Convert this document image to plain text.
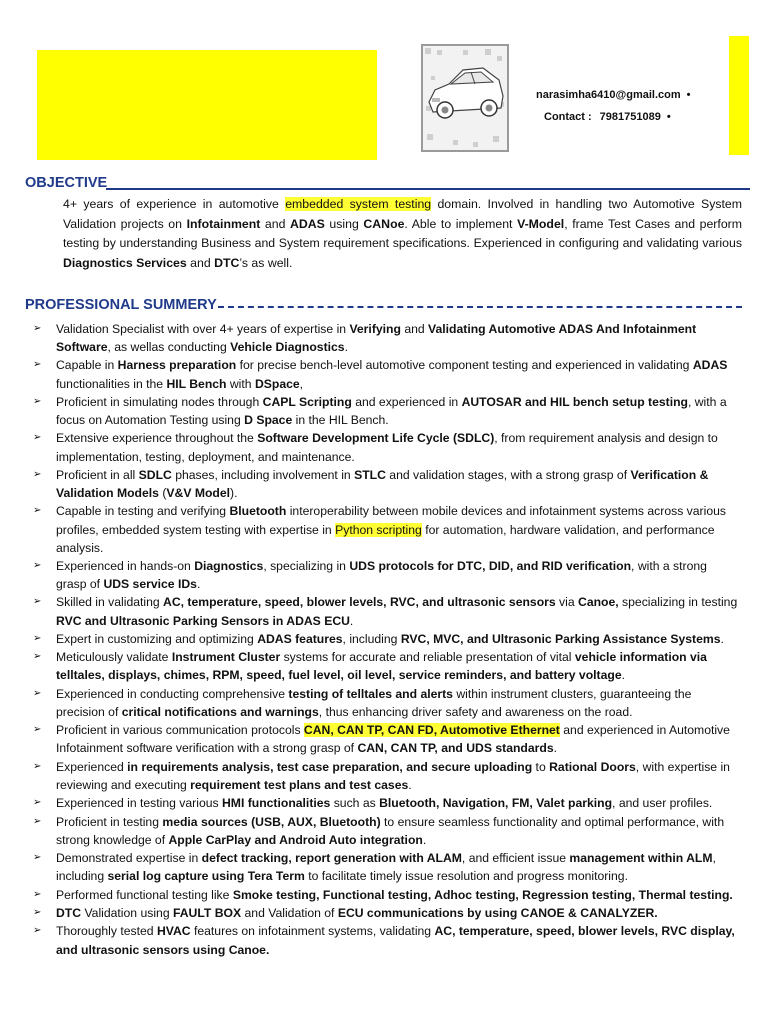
narasimha6410@gmail.com •
Contact : 7981751089 •
OBJECTIVE

4+ years of experience in automotive embedded system testing domain. Involved in handling two Automotive System Validation projects on Infotainment and ADAS using CANoe. Able to implement V-Model, frame Test Cases and perform testing by understanding Business and System requirement specifications. Experienced in configuring and validating various Diagnostics Services and DTC’s as well.

PROFESSIONAL SUMMERY
➢ Validation Specialist with over 4+ years of expertise in Verifying and Validating Automotive ADAS And Infotainment Software, as wellas conducting Vehicle Diagnostics.
➢ Capable in Harness preparation for precise bench-level automotive component testing and experienced in validating ADAS functionalities in the HIL Bench with DSpace,
➢ Proficient in simulating nodes through CAPL Scripting and experienced in AUTOSAR and HIL bench setup testing, with a focus on Automation Testing using D Space in the HIL Bench.
➢ Extensive experience throughout the Software Development Life Cycle (SDLC), from requirement analysis and design to implementation, testing, deployment, and maintenance.
➢ Proficient in all SDLC phases, including involvement in STLC and validation stages, with a strong grasp of Verification & Validation Models (V&V Model).
➢ Capable in testing and verifying Bluetooth interoperability between mobile devices and infotainment systems across various profiles, embedded system testing with expertise in Python scripting for automation, hardware validation, and performance analysis.
➢ Experienced in hands-on Diagnostics, specializing in UDS protocols for DTC, DID, and RID verification, with a strong grasp of UDS service IDs.
➢ Skilled in validating AC, temperature, speed, blower levels, RVC, and ultrasonic sensors via Canoe, specializing in testing RVC and Ultrasonic Parking Sensors in ADAS ECU.
➢ Expert in customizing and optimizing ADAS features, including RVC, MVC, and Ultrasonic Parking Assistance Systems.
➢ Meticulously validate Instrument Cluster systems for accurate and reliable presentation of vital vehicle information via telltales, displays, chimes, RPM, speed, fuel level, oil level, service reminders, and battery voltage.
➢ Experienced in conducting comprehensive testing of telltales and alerts within instrument clusters, guaranteeing the precision of critical notifications and warnings, thus enhancing driver safety and awareness on the road.
➢ Proficient in various communication protocols CAN, CAN TP, CAN FD, Automotive Ethernet and experienced in Automotive Infotainment software verification with a strong grasp of CAN, CAN TP, and UDS standards.
➢ Experienced in requirements analysis, test case preparation, and secure uploading to Rational Doors, with expertise in reviewing and executing requirement test plans and test cases.
➢ Experienced in testing various HMI functionalities such as Bluetooth, Navigation, FM, Valet parking, and user profiles.
➢ Proficient in testing media sources (USB, AUX, Bluetooth) to ensure seamless functionality and optimal performance, with strong knowledge of Apple CarPlay and Android Auto integration.
➢ Demonstrated expertise in defect tracking, report generation with ALAM, and efficient issue management within ALM, including serial log capture using Tera Term to facilitate timely issue resolution and progress monitoring.
➢ Performed functional testing like Smoke testing, Functional testing, Adhoc testing, Regression testing, Thermal testing.
➢ DTC Validation using FAULT BOX and Validation of ECU communications by using CANOE & CANALYZER.
➢ Thoroughly tested HVAC features on infotainment systems, validating AC, temperature, speed, blower levels, RVC display, and ultrasonic sensors using Canoe.
